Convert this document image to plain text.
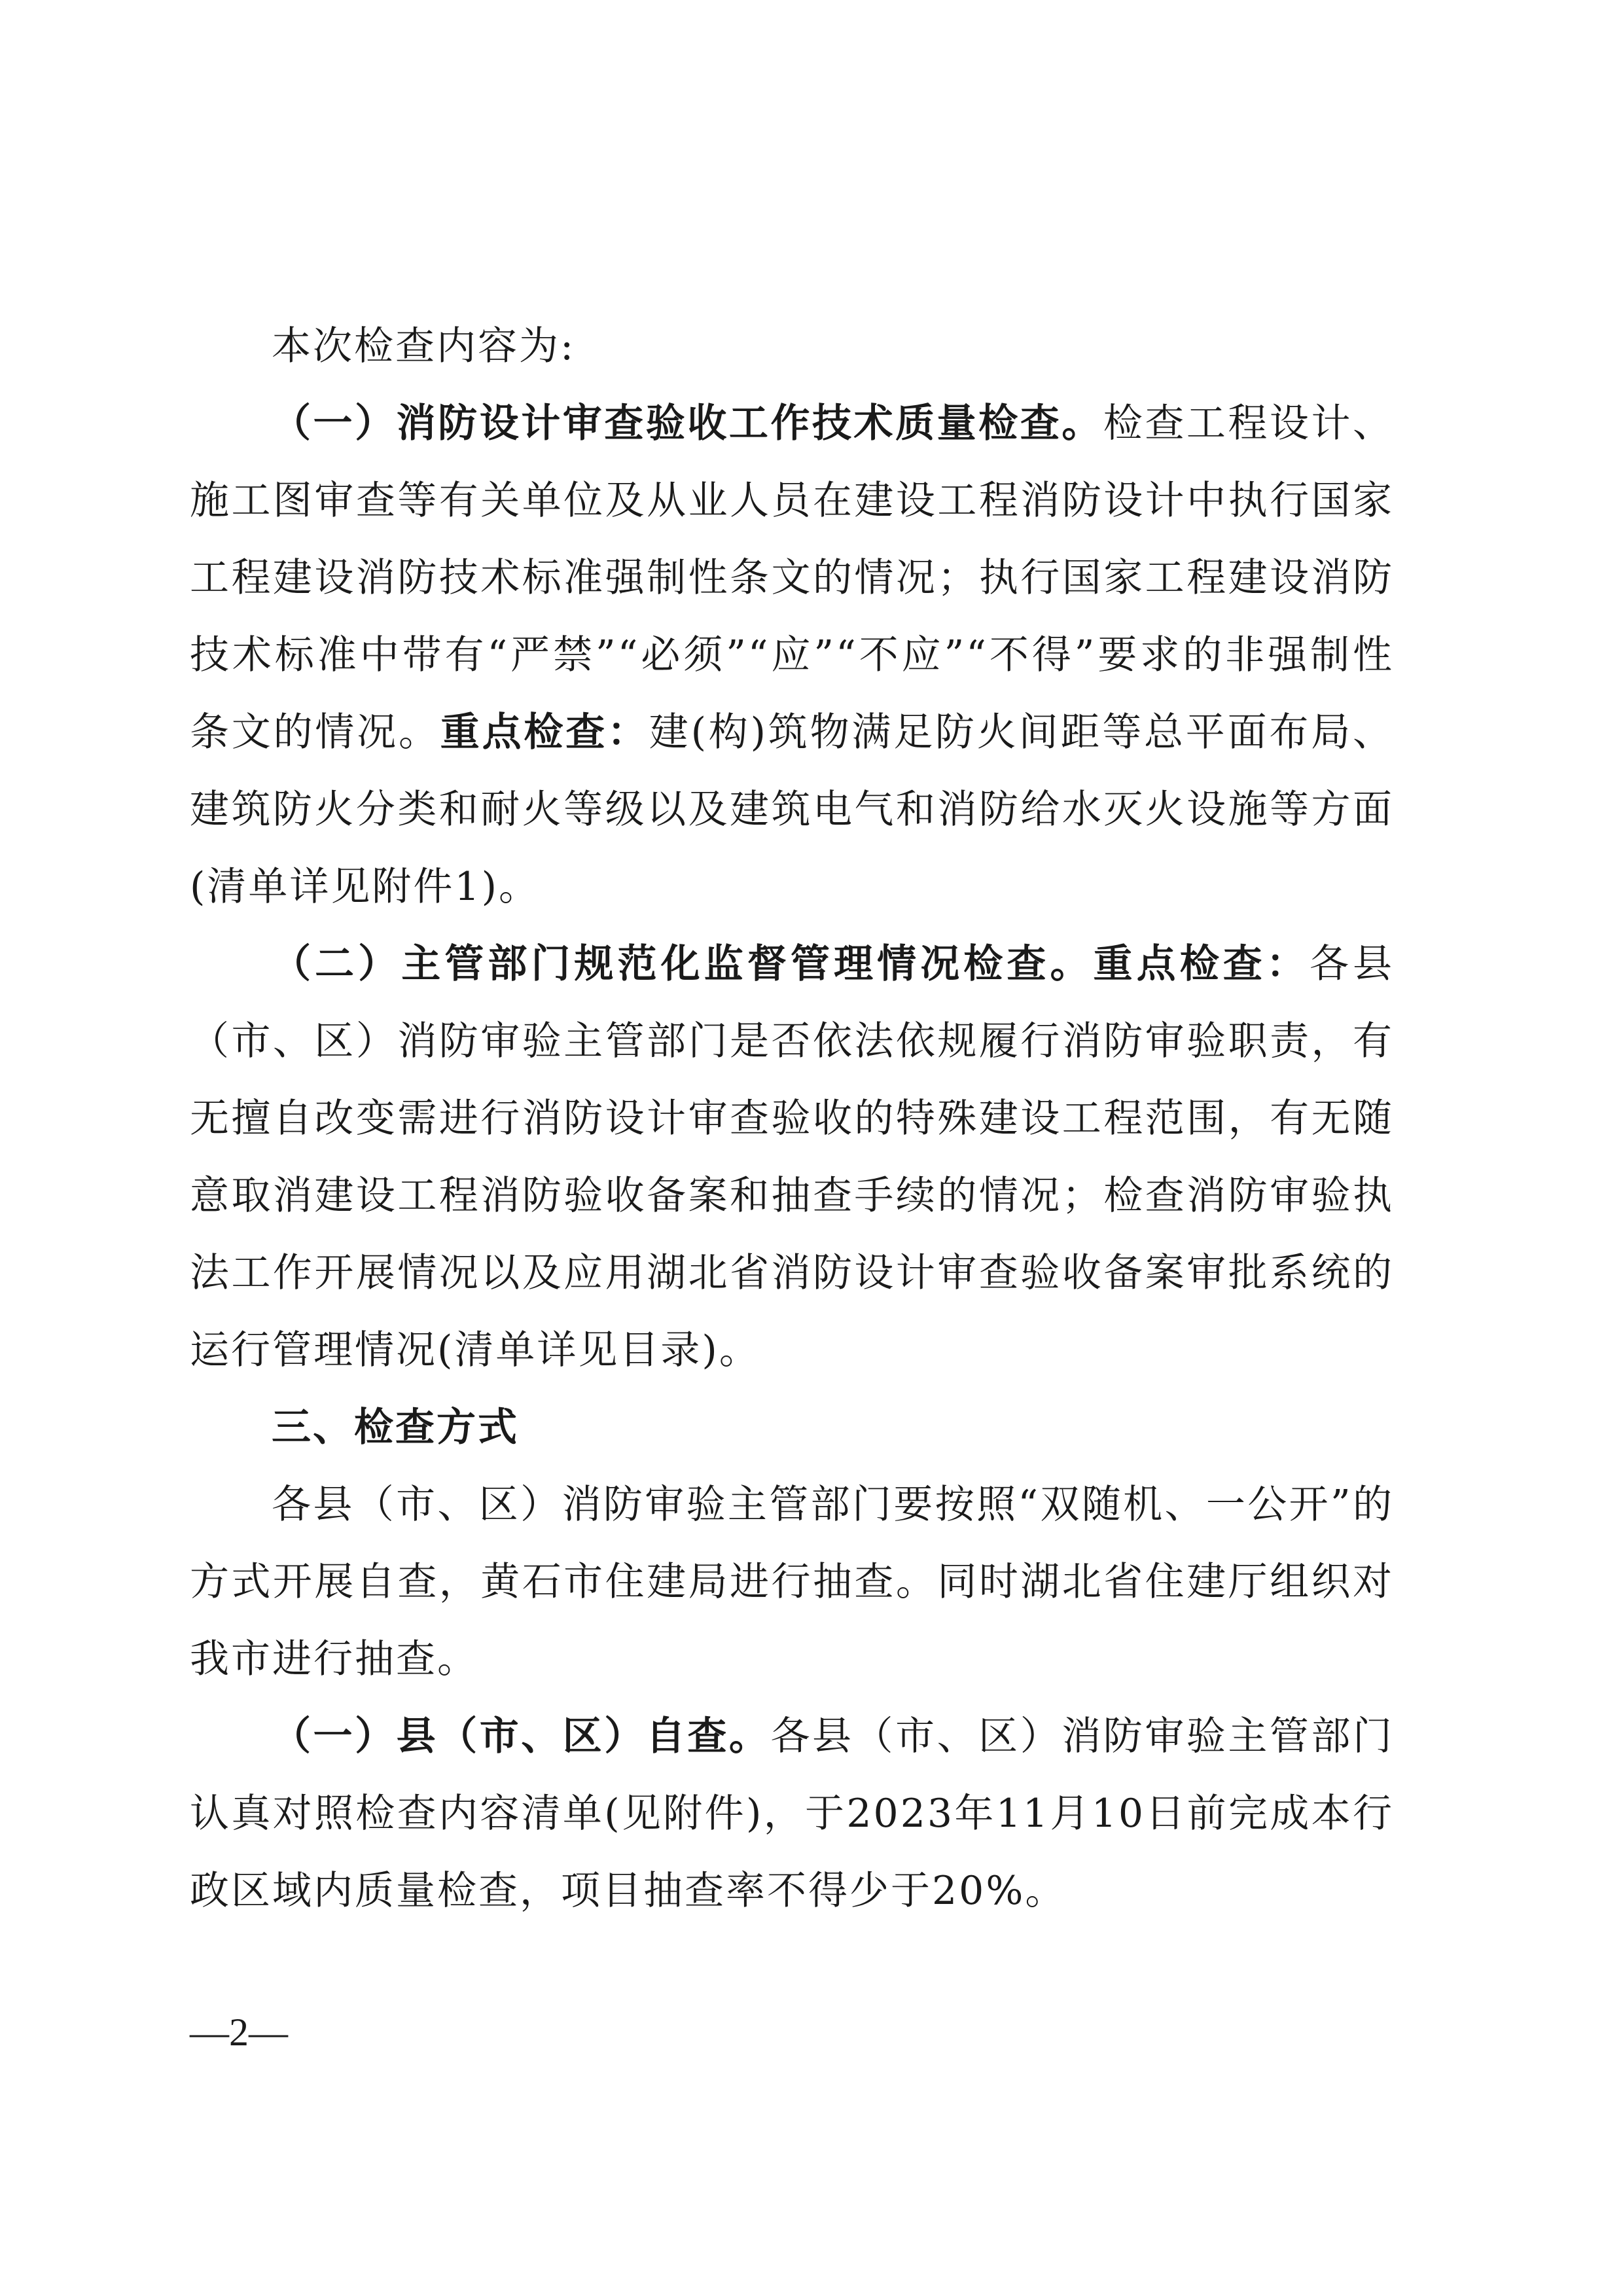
本次检查内容为:

（一）消防设计审查验收工作技术质量检查。检查工程设计、施工图审查等有关单位及从业人员在建设工程消防设计中执行国家工程建设消防技术标准强制性条文的情况；执行国家工程建设消防技术标准中带有“严禁”“必须”“应”“不应”“不得”要求的非强制性条文的情况。重点检查：建(构)筑物满足防火间距等总平面布局、建筑防火分类和耐火等级以及建筑电气和消防给水灭火设施等方面(清单详见附件1)。

（二）主管部门规范化监督管理情况检查。重点检查：各县（市、区）消防审验主管部门是否依法依规履行消防审验职责，有无擅自改变需进行消防设计审查验收的特殊建设工程范围，有无随意取消建设工程消防验收备案和抽查手续的情况；检查消防审验执法工作开展情况以及应用湖北省消防设计审查验收备案审批系统的运行管理情况(清单详见目录)。

三、检查方式

各县（市、区）消防审验主管部门要按照“双随机、一公开”的方式开展自查，黄石市住建局进行抽查。同时湖北省住建厅组织对我市进行抽查。

（一）县（市、区）自查。各县（市、区）消防审验主管部门认真对照检查内容清单(见附件)，于2023年11月10日前完成本行政区域内质量检查，项目抽查率不得少于20%。

—2—
